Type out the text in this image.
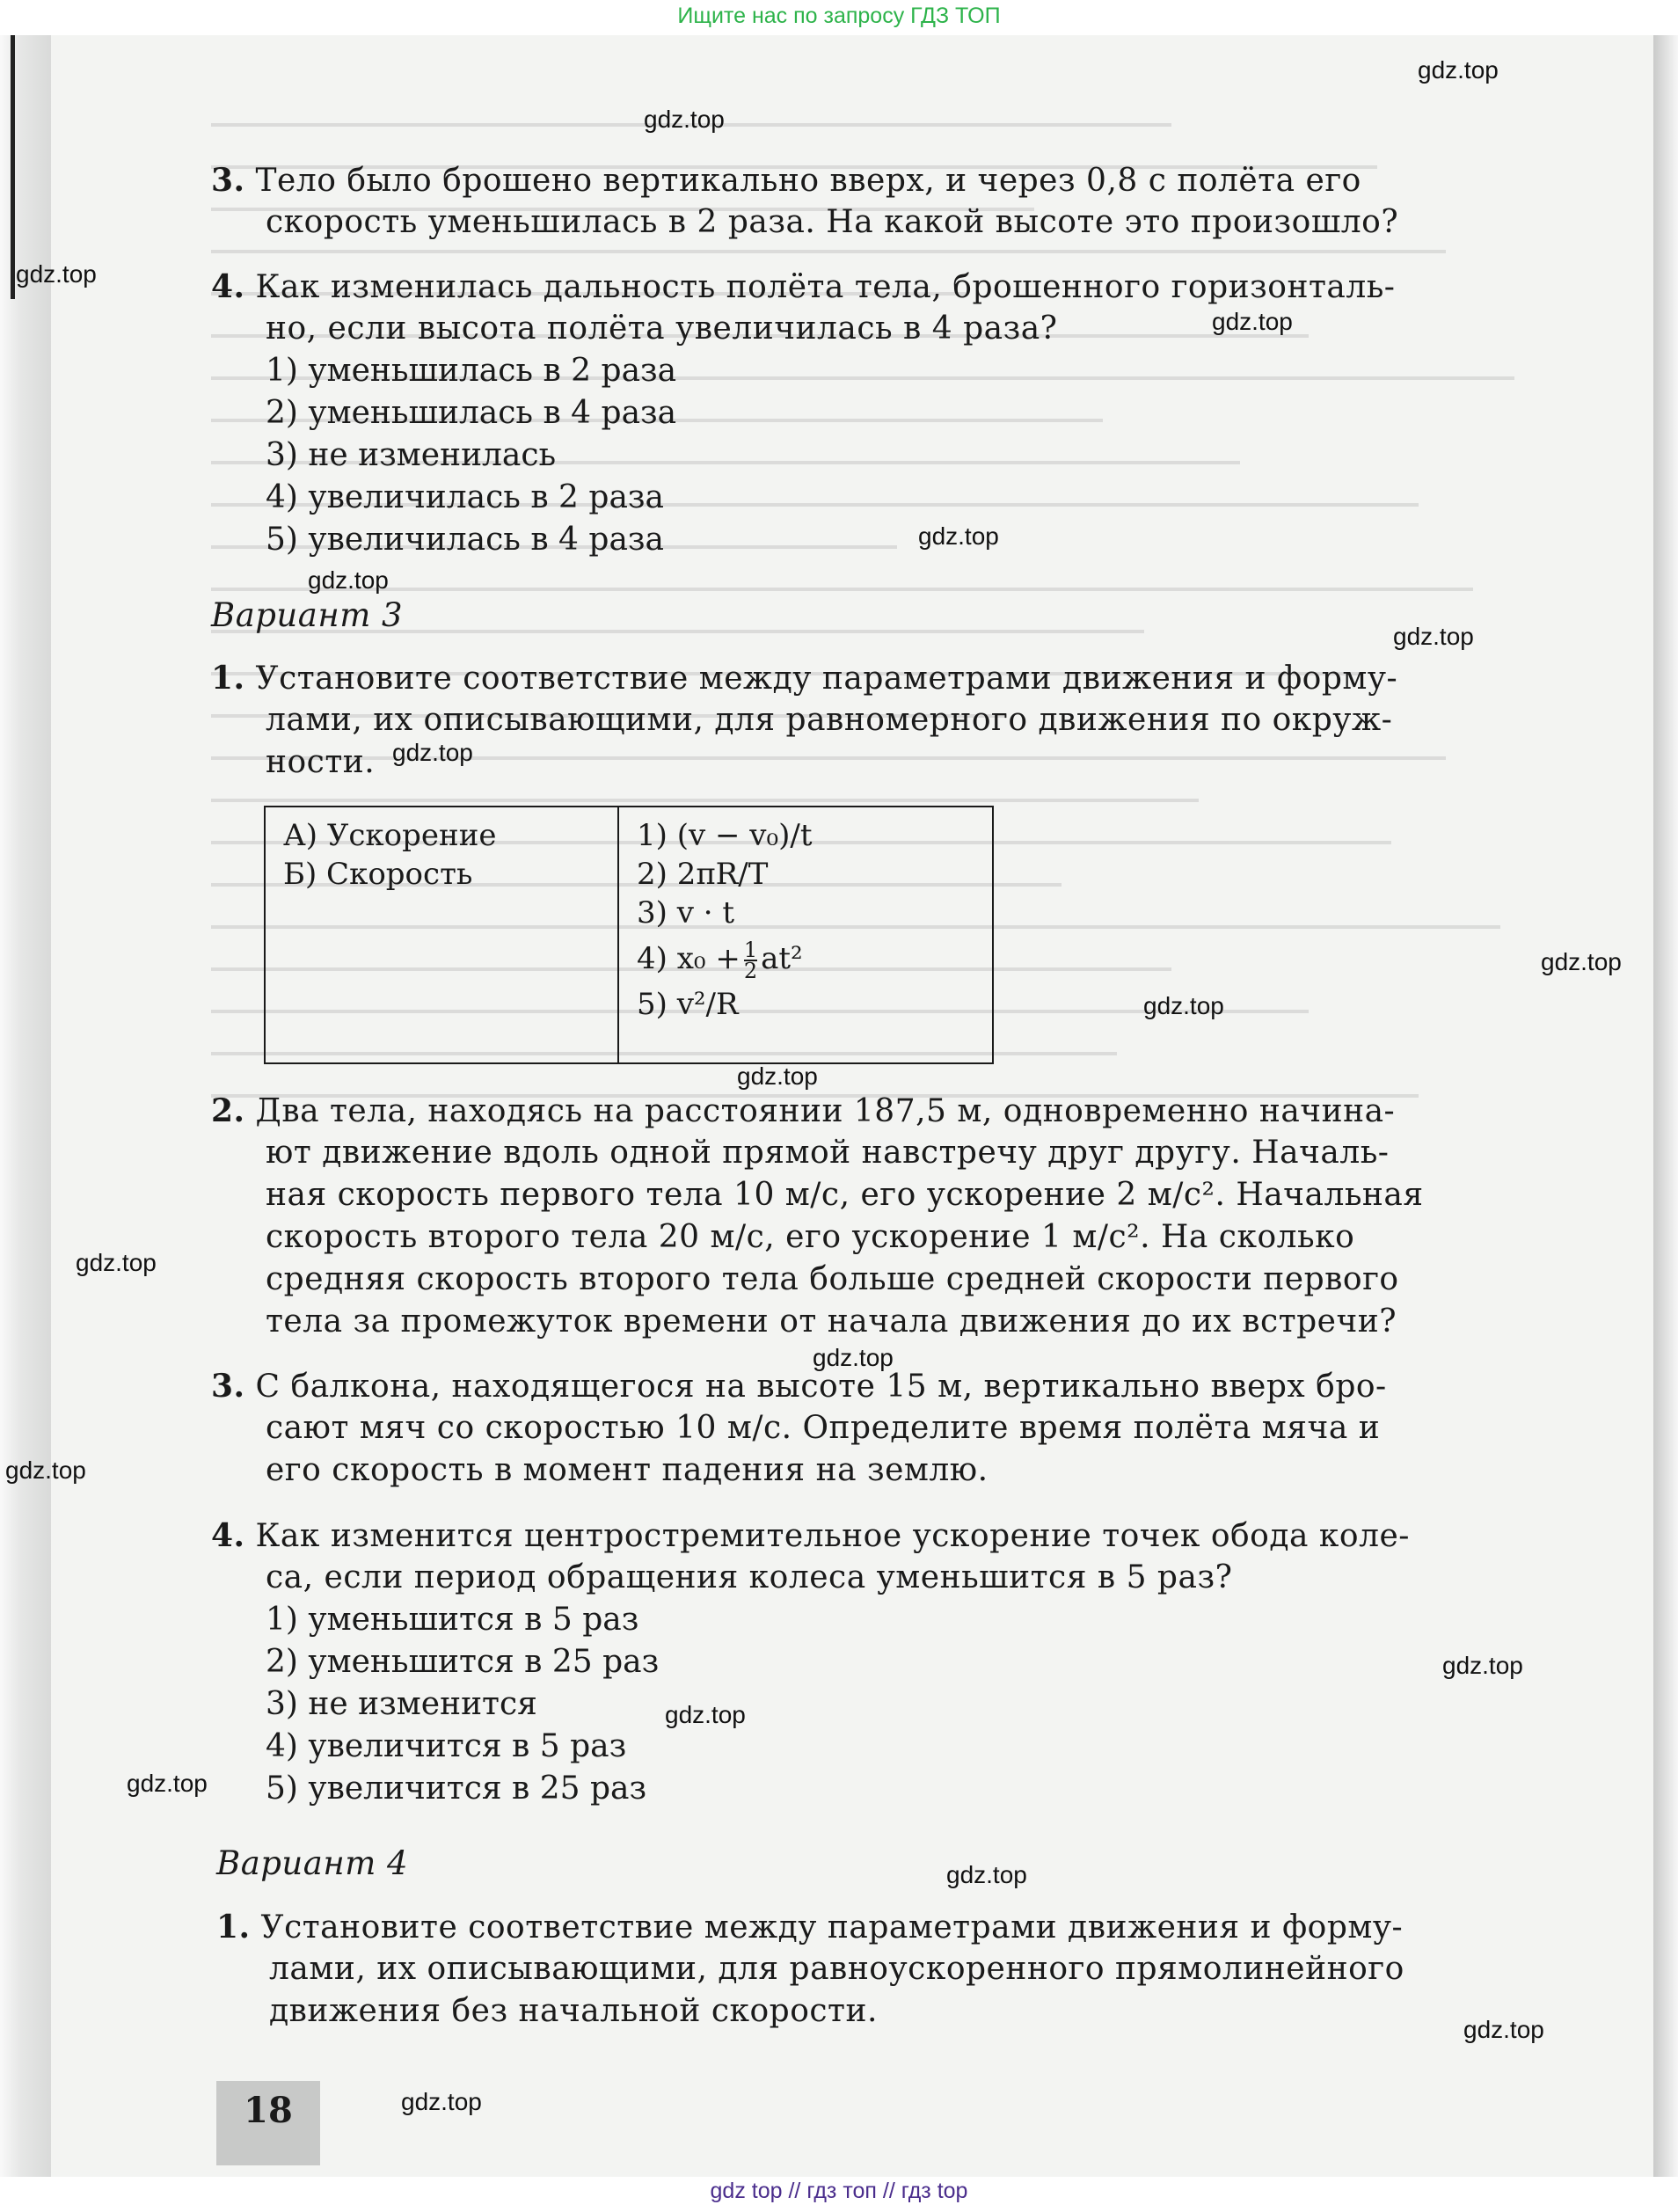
Ищите нас по запросу ГДЗ ТОП
3. Тело было брошено вертикально вверх, и через 0,8 с полёта его
скорость уменьшилась в 2 раза. На какой высоте это произошло?
4. Как изменилась дальность полёта тела, брошенного горизонталь-
но, если высота полёта увеличилась в 4 раза?
1) уменьшилась в 2 раза
2) уменьшилась в 4 раза
3) не изменилась
4) увеличилась в 2 раза
5) увеличилась в 4 раза
Вариант 3
1. Установите соответствие между параметрами движения и форму-
лами, их описывающими, для равномерного движения по окруж-
ности.
А) Ускорение
Б) Скорость

1) (v − v₀)/t
2) 2πR/T
3) v · t
4) $x_0 + \frac{1}{2} at^2$
5) v²/R
2. Два тела, находясь на расстоянии 187,5 м, одновременно начина-
ют движение вдоль одной прямой навстречу друг другу. Началь-
ная скорость первого тела 10 м/с, его ускорение 2 м/с². Начальная
скорость второго тела 20 м/с, его ускорение 1 м/с². На сколько
средняя скорость второго тела больше средней скорости первого
тела за промежуток времени от начала движения до их встречи?
3. С балкона, находящегося на высоте 15 м, вертикально вверх бро-
сают мяч со скоростью 10 м/с. Определите время полёта мяча и
его скорость в момент падения на землю.
4. Как изменится центростремительное ускорение точек обода коле-
са, если период обращения колеса уменьшится в 5 раз?
1) уменьшится в 5 раз
2) уменьшится в 25 раз
3) не изменится
4) увеличится в 5 раз
5) увеличится в 25 раз
Вариант 4
1. Установите соответствие между параметрами движения и форму-
лами, их описывающими, для равноускоренного прямолинейного
движения без начальной скорости.
18
gdz.top
gdz.top
gdz.top
gdz.top
gdz.top
gdz.top
gdz.top
gdz.top
gdz.top
gdz.top
gdz.top
gdz.top
gdz.top
gdz.top
gdz.top
gdz.top
gdz.top
gdz.top
gdz.top
gdz.top
gdz top // гдз топ // гдз top
